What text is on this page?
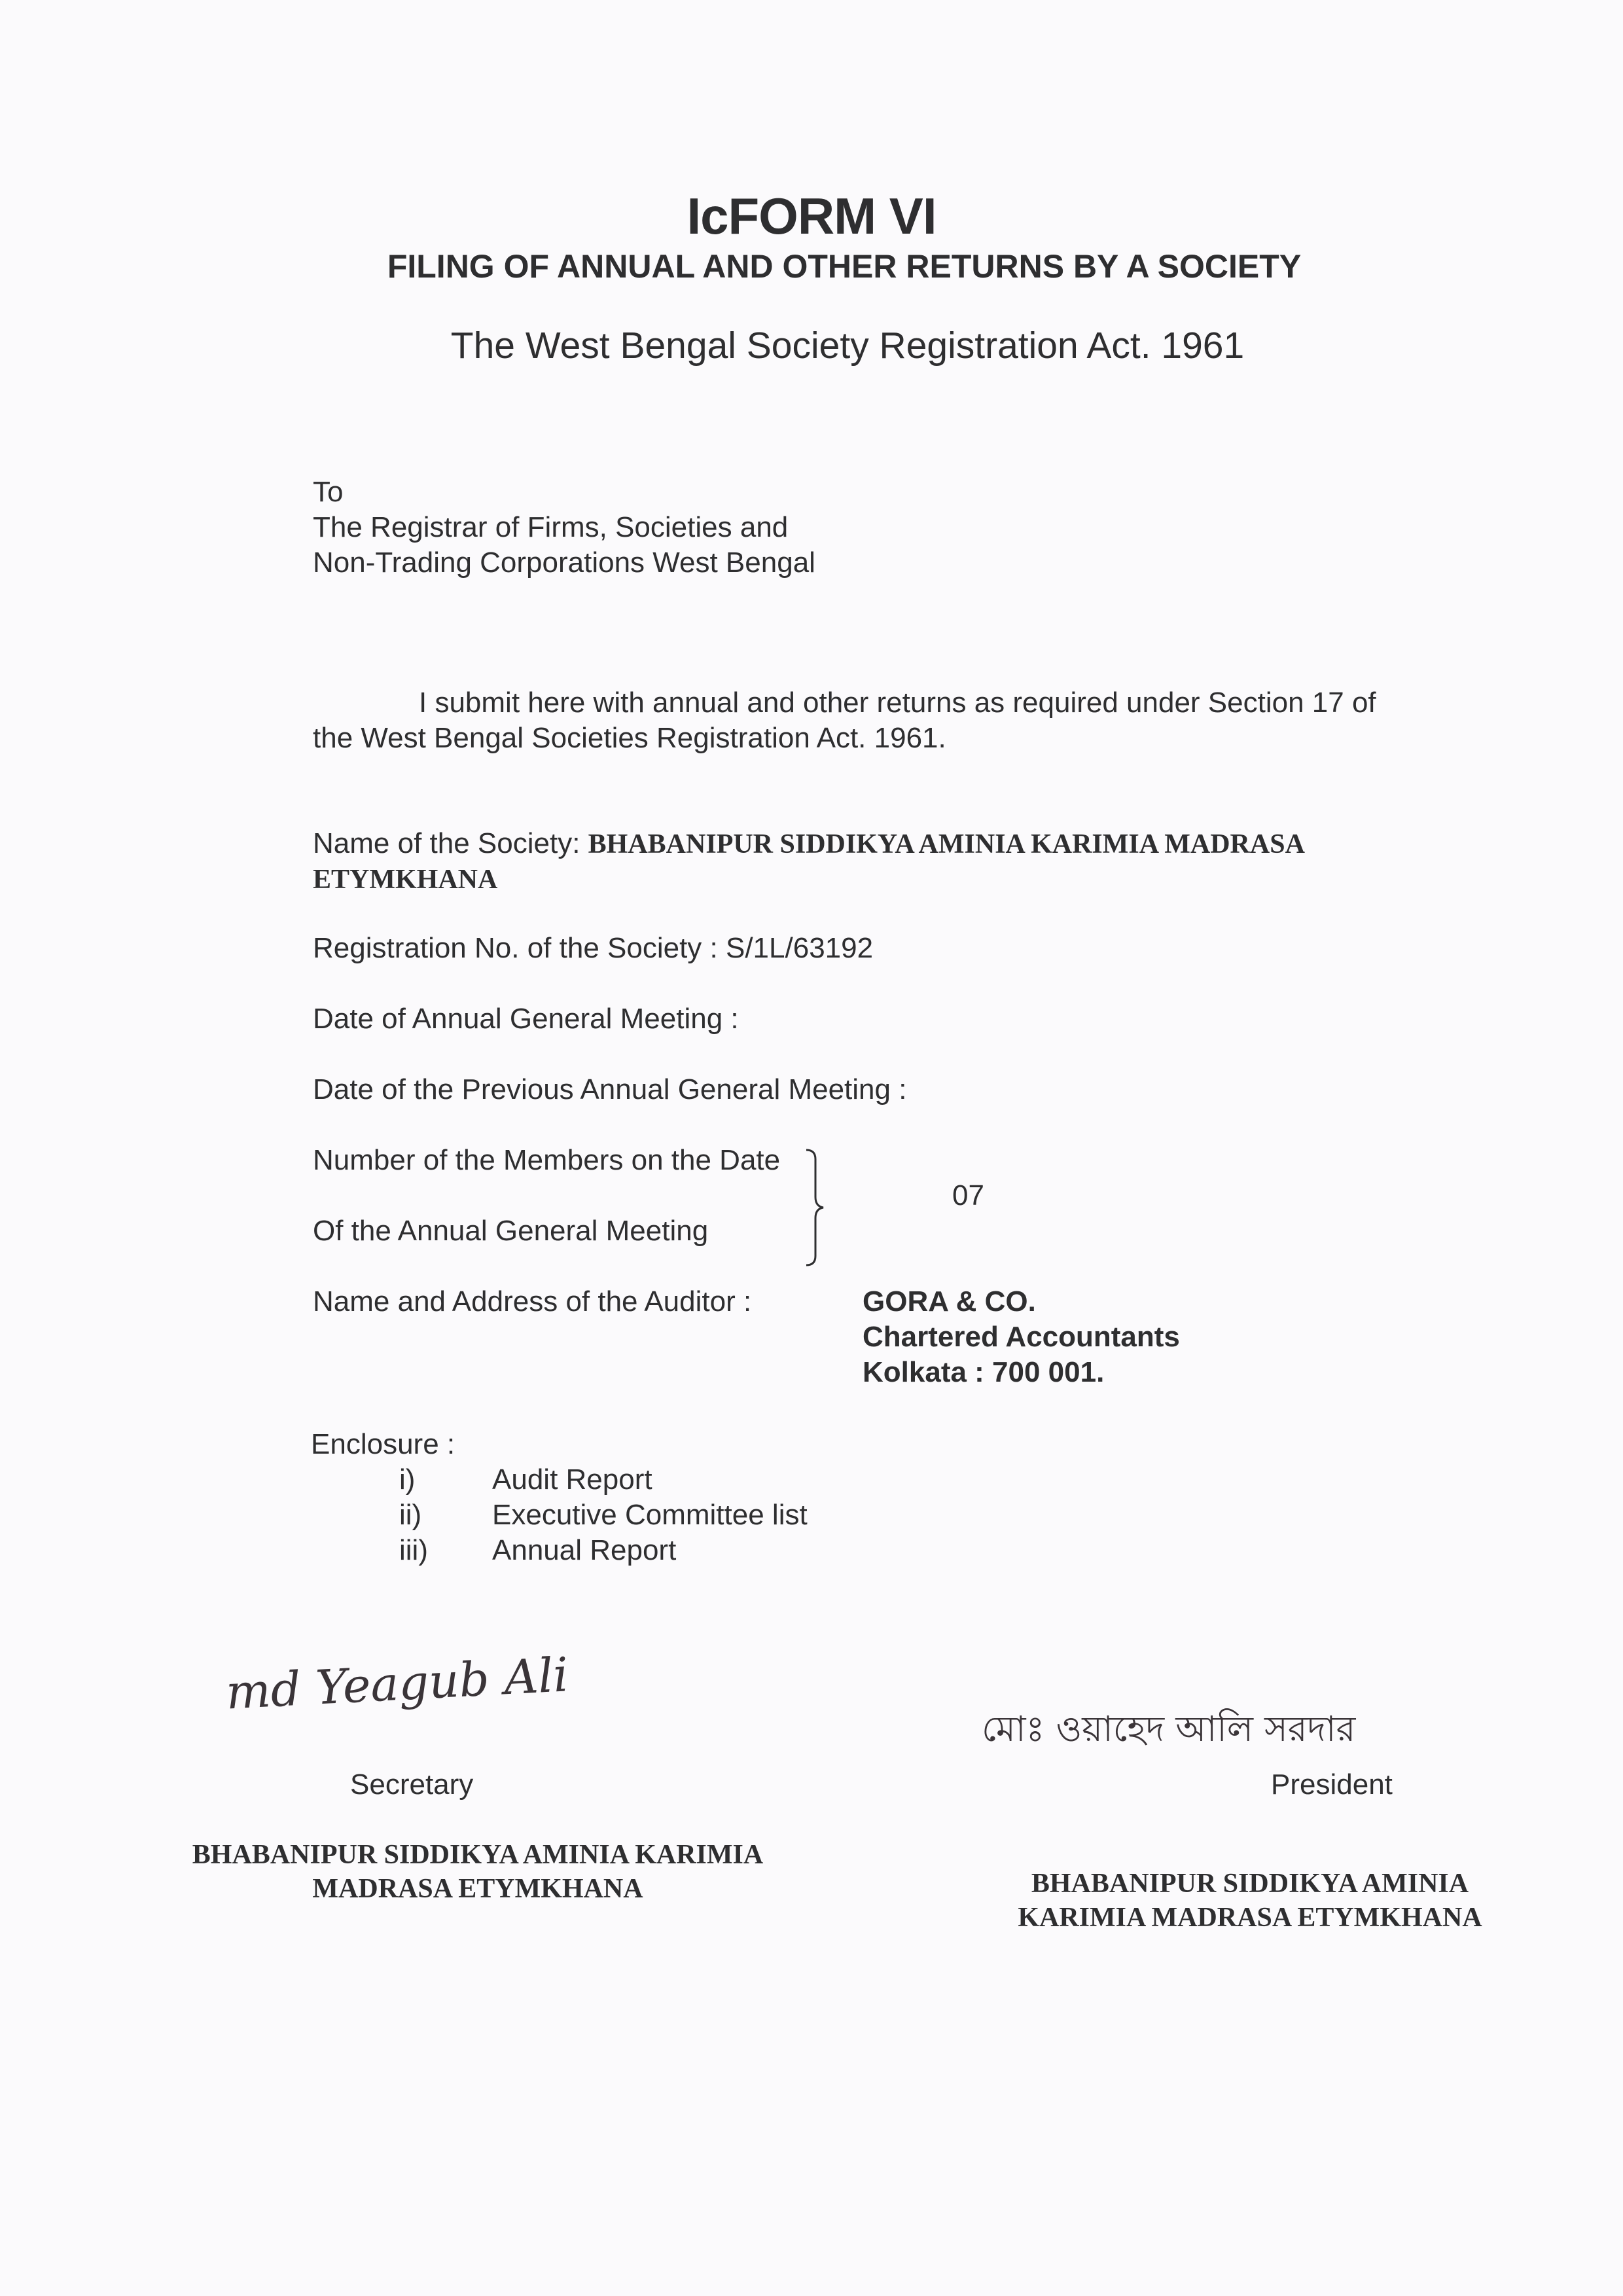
IcFORM VI
FILING OF ANNUAL AND OTHER RETURNS BY A SOCIETY
The West Bengal Society Registration Act. 1961
To
The Registrar of Firms, Societies and
Non-Trading Corporations West Bengal
I submit here with annual and other returns as required under Section 17 of
the West Bengal Societies Registration Act. 1961.
Name of the Society: BHABANIPUR SIDDIKYA AMINIA KARIMIA MADRASA
ETYMKHANA
Registration No. of the Society : S/1L/63192
Date of Annual General Meeting :
Date of the Previous Annual General Meeting :
Number of the Members on the Date
Of the Annual General Meeting
07
Name and Address of the Auditor :	GORA & CO.
Chartered Accountants
Kolkata : 700 001.
Enclosure :
i)	Audit Report
ii)	Executive Committee list
iii)	Annual Report
md Yeagub Ali
Secretary
BHABANIPUR SIDDIKYA AMINIA KARIMIA
MADRASA ETYMKHANA
মোঃ ওয়াহেদ আলি সরদার
President
BHABANIPUR SIDDIKYA AMINIA
KARIMIA MADRASA ETYMKHANA
